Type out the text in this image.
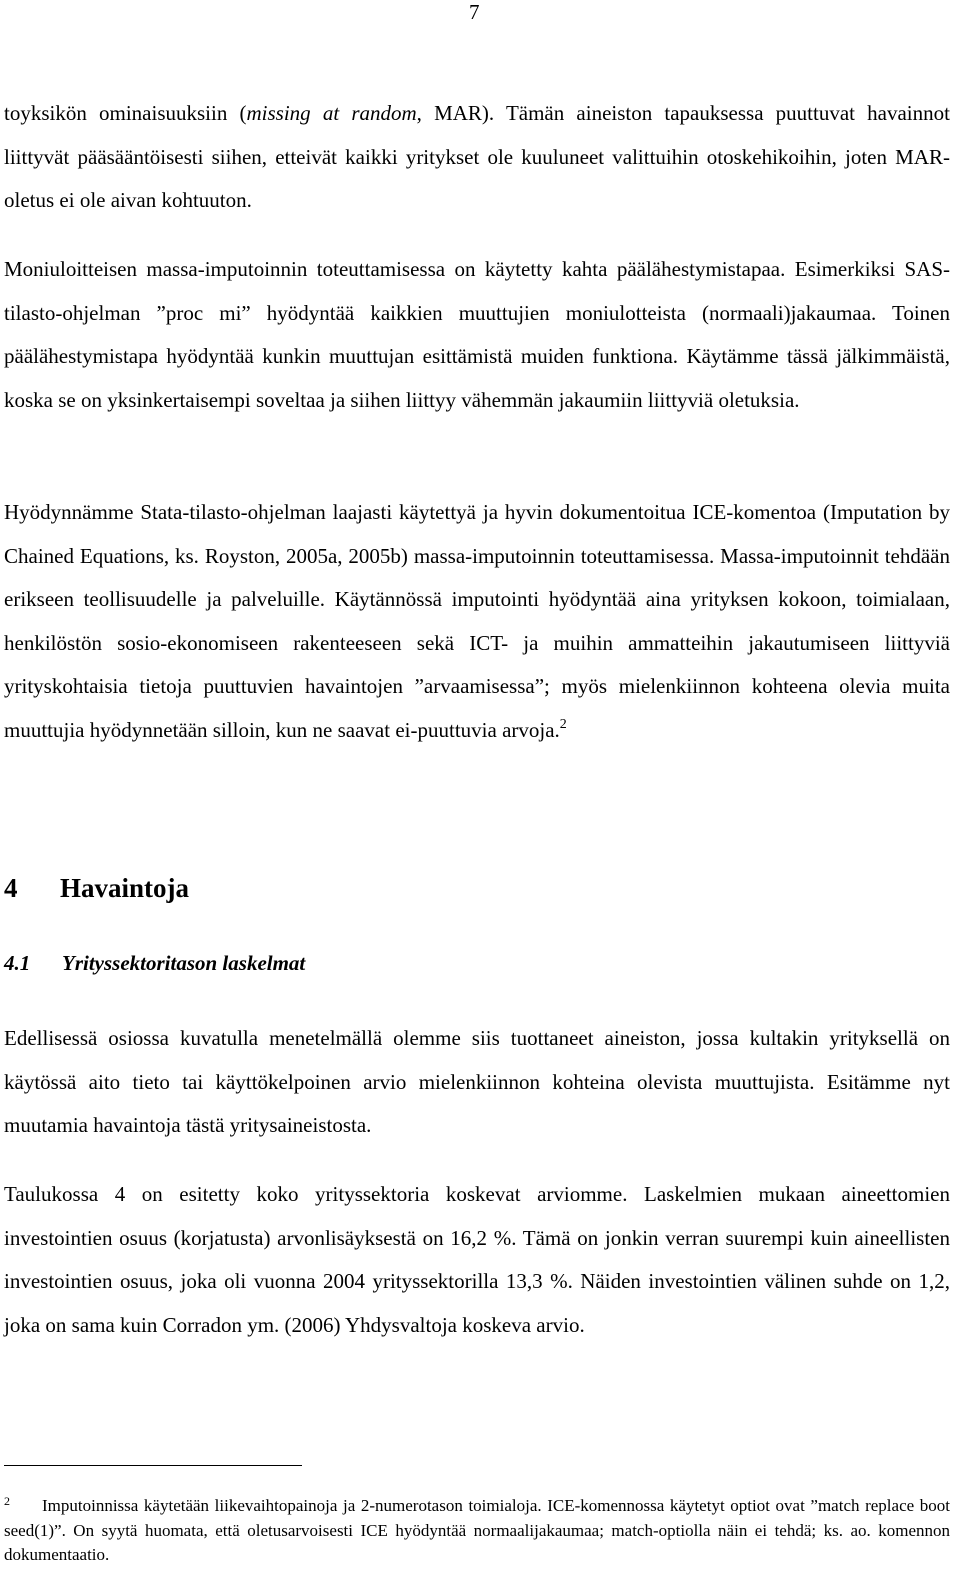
7

toyksikön ominaisuuksiin (missing at random, MAR). Tämän aineiston tapauksessa puuttuvat havainnot liittyvät pääsääntöisesti siihen, etteivät kaikki yritykset ole kuuluneet valittuihin otoskehikoihin, joten MAR-oletus ei ole aivan kohtuuton.

Moniuloitteisen massa-imputoinnin toteuttamisessa on käytetty kahta päälähestymistapaa. Esimerkiksi SAS-tilasto-ohjelman ”proc mi” hyödyntää kaikkien muuttujien moniulotteista (normaali)jakaumaa. Toinen päälähestymistapa hyödyntää kunkin muuttujan esittämistä muiden funktiona. Käytämme tässä jälkimmäistä, koska se on yksinkertaisempi soveltaa ja siihen liittyy vähemmän jakaumiin liittyviä oletuksia.

Hyödynnämme Stata-tilasto-ohjelman laajasti käytettyä ja hyvin dokumentoitua ICE-komentoa (Imputation by Chained Equations, ks. Royston, 2005a, 2005b) massa-imputoinnin toteuttamisessa. Massa-imputoinnit tehdään erikseen teollisuudelle ja palveluille. Käytännössä imputointi hyödyntää aina yrityksen kokoon, toimialaan, henkilöstön sosio-ekonomiseen rakenteeseen sekä ICT- ja muihin ammatteihin jakautumiseen liittyviä yrityskohtaisia tietoja puuttuvien havaintojen ”arvaamisessa”; myös mielenkiinnon kohteena olevia muita muuttujia hyödynnetään silloin, kun ne saavat ei-puuttuvia arvoja.$^2$

4 Havaintoja
4.1 Yrityssektoritason laskelmat

Edellisessä osiossa kuvatulla menetelmällä olemme siis tuottaneet aineiston, jossa kultakin yrityksellä on käytössä aito tieto tai käyttökelpoinen arvio mielenkiinnon kohteina olevista muuttujista. Esitämme nyt muutamia havaintoja tästä yritysaineistosta.

Taulukossa 4 on esitetty koko yrityssektoria koskevat arviomme. Laskelmien mukaan aineettomien investointien osuus (korjatusta) arvonlisäyksestä on 16,2 %. Tämä on jonkin verran suurempi kuin aineellisten investointien osuus, joka oli vuonna 2004 yrityssektorilla 13,3 %. Näiden investointien välinen suhde on 1,2, joka on sama kuin Corradon ym. (2006) Yhdysvaltoja koskeva arvio.

2 Imputoinnissa käytetään liikevaihtopainoja ja 2-numerotason toimialoja. ICE-komennossa käytetyt optiot ovat ”match replace boot seed(1)”. On syytä huomata, että oletusarvoisesti ICE hyödyntää normaalijakaumaa; match-optiolla näin ei tehdä; ks. ao. komennon dokumentaatio.
